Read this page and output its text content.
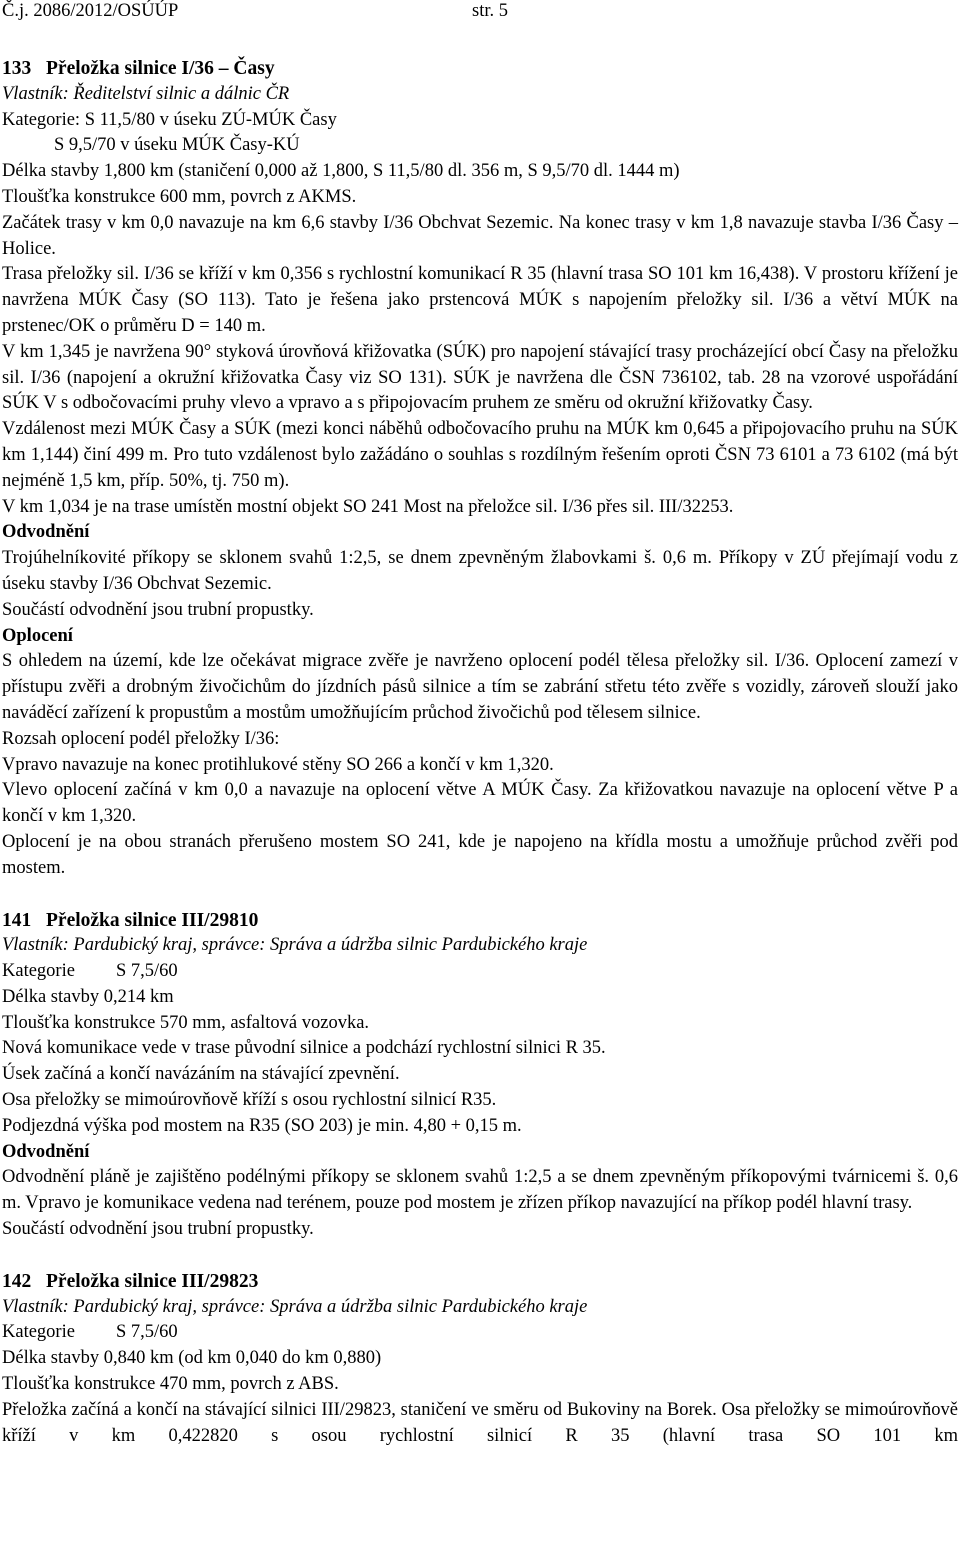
Č.j. 2086/2012/OSÚÚP	str. 5

133 Přeložka silnice I/36 – Časy

Vlastník: Ředitelství silnic a dálnic ČR

Kategorie: S 11,5/80 v úseku ZÚ-MÚK Časy

S 9,5/70 v úseku MÚK Časy-KÚ

Délka stavby 1,800 km (staničení 0,000 až 1,800, S 11,5/80 dl. 356 m, S 9,5/70 dl. 1444 m)

Tloušťka konstrukce 600 mm, povrch z AKMS.

Začátek trasy v km 0,0 navazuje na km 6,6 stavby I/36 Obchvat Sezemic. Na konec trasy v km 1,8 navazuje stavba I/36 Časy – Holice.

Trasa přeložky sil. I/36 se kříží v km 0,356 s rychlostní komunikací R 35 (hlavní trasa SO 101 km 16,438). V prostoru křížení je navržena MÚK Časy (SO 113). Tato je řešena jako prstencová MÚK s napojením přeložky sil. I/36 a větví MÚK na prstenec/OK o průměru D = 140 m.

V km 1,345 je navržena 90° styková úrovňová křižovatka (SÚK) pro napojení stávající trasy procházející obcí Časy na přeložku sil. I/36 (napojení a okružní křižovatka Časy viz SO 131). SÚK je navržena dle ČSN 736102, tab. 28 na vzorové uspořádání SÚK V s odbočovacími pruhy vlevo a vpravo a s připojovacím pruhem ze směru od okružní křižovatky Časy.

Vzdálenost mezi MÚK Časy a SÚK (mezi konci náběhů odbočovacího pruhu na MÚK km 0,645 a připojovacího pruhu na SÚK km 1,144) činí 499 m. Pro tuto vzdálenost bylo zažádáno o souhlas s rozdílným řešením oproti ČSN 73 6101 a 73 6102 (má být nejméně 1,5 km, příp. 50%, tj. 750 m).

V km 1,034 je na trase umístěn mostní objekt SO 241 Most na přeložce sil. I/36 přes sil. III/32253.

Odvodnění

Trojúhelníkovité příkopy se sklonem svahů 1:2,5, se dnem zpevněným žlabovkami š. 0,6 m. Příkopy v ZÚ přejímají vodu z úseku stavby I/36 Obchvat Sezemic.

Součástí odvodnění jsou trubní propustky.

Oplocení

S ohledem na území, kde lze očekávat migrace zvěře je navrženo oplocení podél tělesa přeložky sil. I/36. Oplocení zamezí v přístupu zvěři a drobným živočichům do jízdních pásů silnice a tím se zabrání střetu této zvěře s vozidly, zároveň slouží jako naváděcí zařízení k propustům a mostům umožňujícím průchod živočichů pod tělesem silnice.

Rozsah oplocení podél přeložky I/36:

Vpravo navazuje na konec protihlukové stěny SO 266 a končí v km 1,320.

Vlevo oplocení začíná v km 0,0 a navazuje na oplocení větve A MÚK Časy. Za křižovatkou navazuje na oplocení větve P a končí v km 1,320.

Oplocení je na obou stranách přerušeno mostem SO 241, kde je napojeno na křídla mostu a umožňuje průchod zvěři pod mostem.

141 Přeložka silnice III/29810

Vlastník: Pardubický kraj, správce: Správa a údržba silnic Pardubického kraje

Kategorie S 7,5/60

Délka stavby 0,214 km

Tloušťka konstrukce 570 mm, asfaltová vozovka.

Nová komunikace vede v trase původní silnice a podchází rychlostní silnici R 35.

Úsek začíná a končí navázáním na stávající zpevnění.

Osa přeložky se mimoúrovňově kříží s osou rychlostní silnicí R35.

Podjezdná výška pod mostem na R35 (SO 203) je min. 4,80 + 0,15 m.

Odvodnění

Odvodnění pláně je zajištěno podélnými příkopy se sklonem svahů 1:2,5 a se dnem zpevněným příkopovými tvárnicemi š. 0,6 m. Vpravo je komunikace vedena nad terénem, pouze pod mostem je zřízen příkop navazující na příkop podél hlavní trasy.

Součástí odvodnění jsou trubní propustky.

142 Přeložka silnice III/29823

Vlastník: Pardubický kraj, správce: Správa a údržba silnic Pardubického kraje

Kategorie S 7,5/60

Délka stavby 0,840 km (od km 0,040 do km 0,880)

Tloušťka konstrukce 470 mm, povrch z ABS.

Přeložka začíná a končí na stávající silnici III/29823, staničení ve směru od Bukoviny na Borek. Osa přeložky se mimoúrovňově kříží v km 0,422820 s osou rychlostní silnicí R 35 (hlavní trasa SO 101 km
